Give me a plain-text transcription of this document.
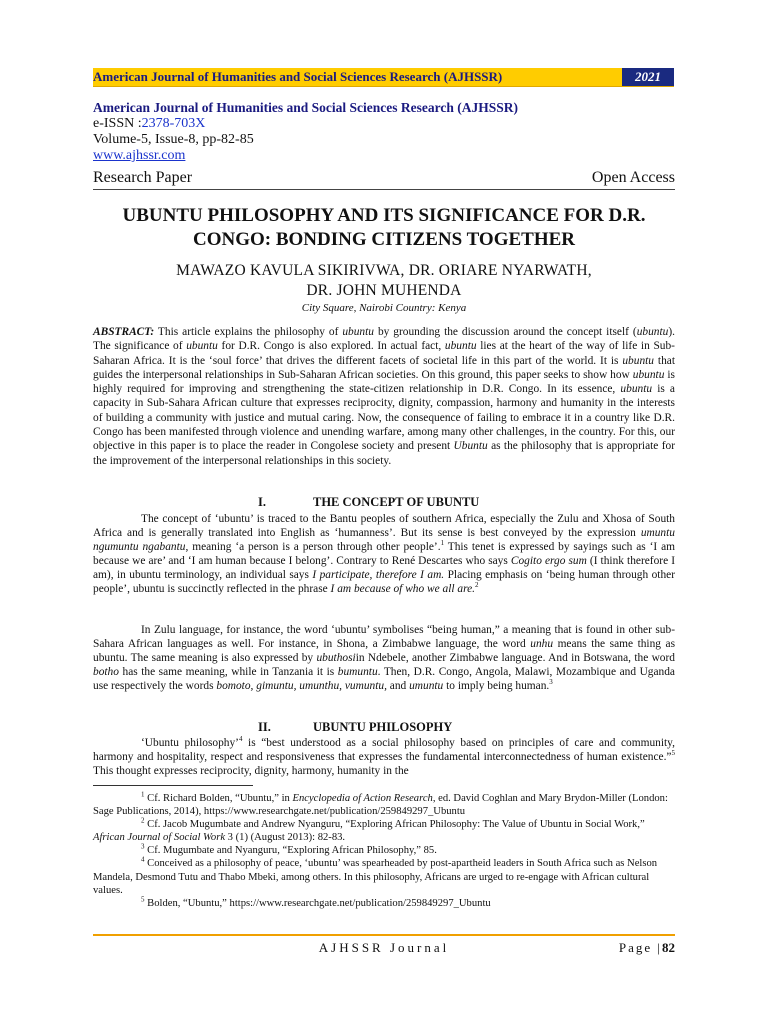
American Journal of Humanities and Social Sciences Research (AJHSSR)	2021
American Journal of Humanities and Social Sciences Research (AJHSSR)
e-ISSN :2378-703X
Volume-5, Issue-8, pp-82-85
www.ajhssr.com
Research Paper	Open Access
UBUNTU PHILOSOPHY AND ITS SIGNIFICANCE FOR D.R.
CONGO: BONDING CITIZENS TOGETHER
MAWAZO KAVULA SIKIRIVWA, DR. ORIARE NYARWATH,
DR. JOHN MUHENDA
City Square, Nairobi Country: Kenya
ABSTRACT: This article explains the philosophy of ubuntu by grounding the discussion around the concept itself (ubuntu). The significance of ubuntu for D.R. Congo is also explored. In actual fact, ubuntu lies at the heart of the way of life in Sub-Saharan Africa. It is the ‘soul force’ that drives the different facets of societal life in this part of the world. It is ubuntu that guides the interpersonal relationships in Sub-Saharan African societies. On this ground, this paper seeks to show how ubuntu is highly required for improving and strengthening the state-citizen relationship in D.R. Congo. In its essence, ubuntu is a capacity in Sub-Sahara African culture that expresses reciprocity, dignity, compassion, harmony and humanity in the interests of building a community with justice and mutual caring. Now, the consequence of failing to embrace it in a country like D.R. Congo has been manifested through violence and unending warfare, among many other challenges, in the country. For this, our objective in this paper is to place the reader in Congolese society and present Ubuntu as the philosophy that is appropriate for the improvement of the interpersonal relationships in this society.
I.	THE CONCEPT OF UBUNTU
The concept of ‘ubuntu’ is traced to the Bantu peoples of southern Africa, especially the Zulu and Xhosa of South Africa and is generally translated into English as ‘humanness’. But its sense is best conveyed by the expression umuntu ngumuntu ngabantu, meaning ‘a person is a person through other people’.$^1$ This tenet is expressed by sayings such as ‘I am because we are’ and ‘I am human because I belong’. Contrary to René Descartes who says Cogito ergo sum (I think therefore I am), in ubuntu terminology, an individual says I participate, therefore I am. Placing emphasis on ‘being human through other people’, ubuntu is succinctly reflected in the phrase I am because of who we all are.$^2$
In Zulu language, for instance, the word ‘ubuntu’ symbolises “being human,” a meaning that is found in other sub-Sahara African languages as well. For instance, in Shona, a Zimbabwe language, the word unhu means the same thing as ubuntu. The same meaning is also expressed by ubuthosiin Ndebele, another Zimbabwe language. And in Botswana, the word botho has the same meaning, while in Tanzania it is bumuntu. Then, D.R. Congo, Angola, Malawi, Mozambique and Uganda use respectively the words bomoto, gimuntu, umunthu, vumuntu, and umuntu to imply being human.$^3$
II.	UBUNTU PHILOSOPHY
‘Ubuntu philosophy’$^4$ is “best understood as a social philosophy based on principles of care and community, harmony and hospitality, respect and responsiveness that expresses the fundamental interconnectedness of human existence.”$^5$ This thought expresses reciprocity, dignity, harmony, humanity in the
$^1$ Cf. Richard Bolden, “Ubuntu,” in Encyclopedia of Action Research, ed. David Coghlan and Mary Brydon-Miller (London: Sage Publications, 2014), https://www.researchgate.net/publication/259849297_Ubuntu
$^2$ Cf. Jacob Mugumbate and Andrew Nyanguru, “Exploring African Philosophy: The Value of Ubuntu in Social Work,” African Journal of Social Work 3 (1) (August 2013): 82-83.
$^3$ Cf. Mugumbate and Nyanguru, “Exploring African Philosophy,” 85.
$^4$ Conceived as a philosophy of peace, ‘ubuntu’ was spearheaded by post-apartheid leaders in South Africa such as Nelson Mandela, Desmond Tutu and Thabo Mbeki, among others. In this philosophy, Africans are urged to re-engage with African cultural values.
$^5$ Bolden, “Ubuntu,” https://www.researchgate.net/publication/259849297_Ubuntu
AJHSSR Journal	Page |82
